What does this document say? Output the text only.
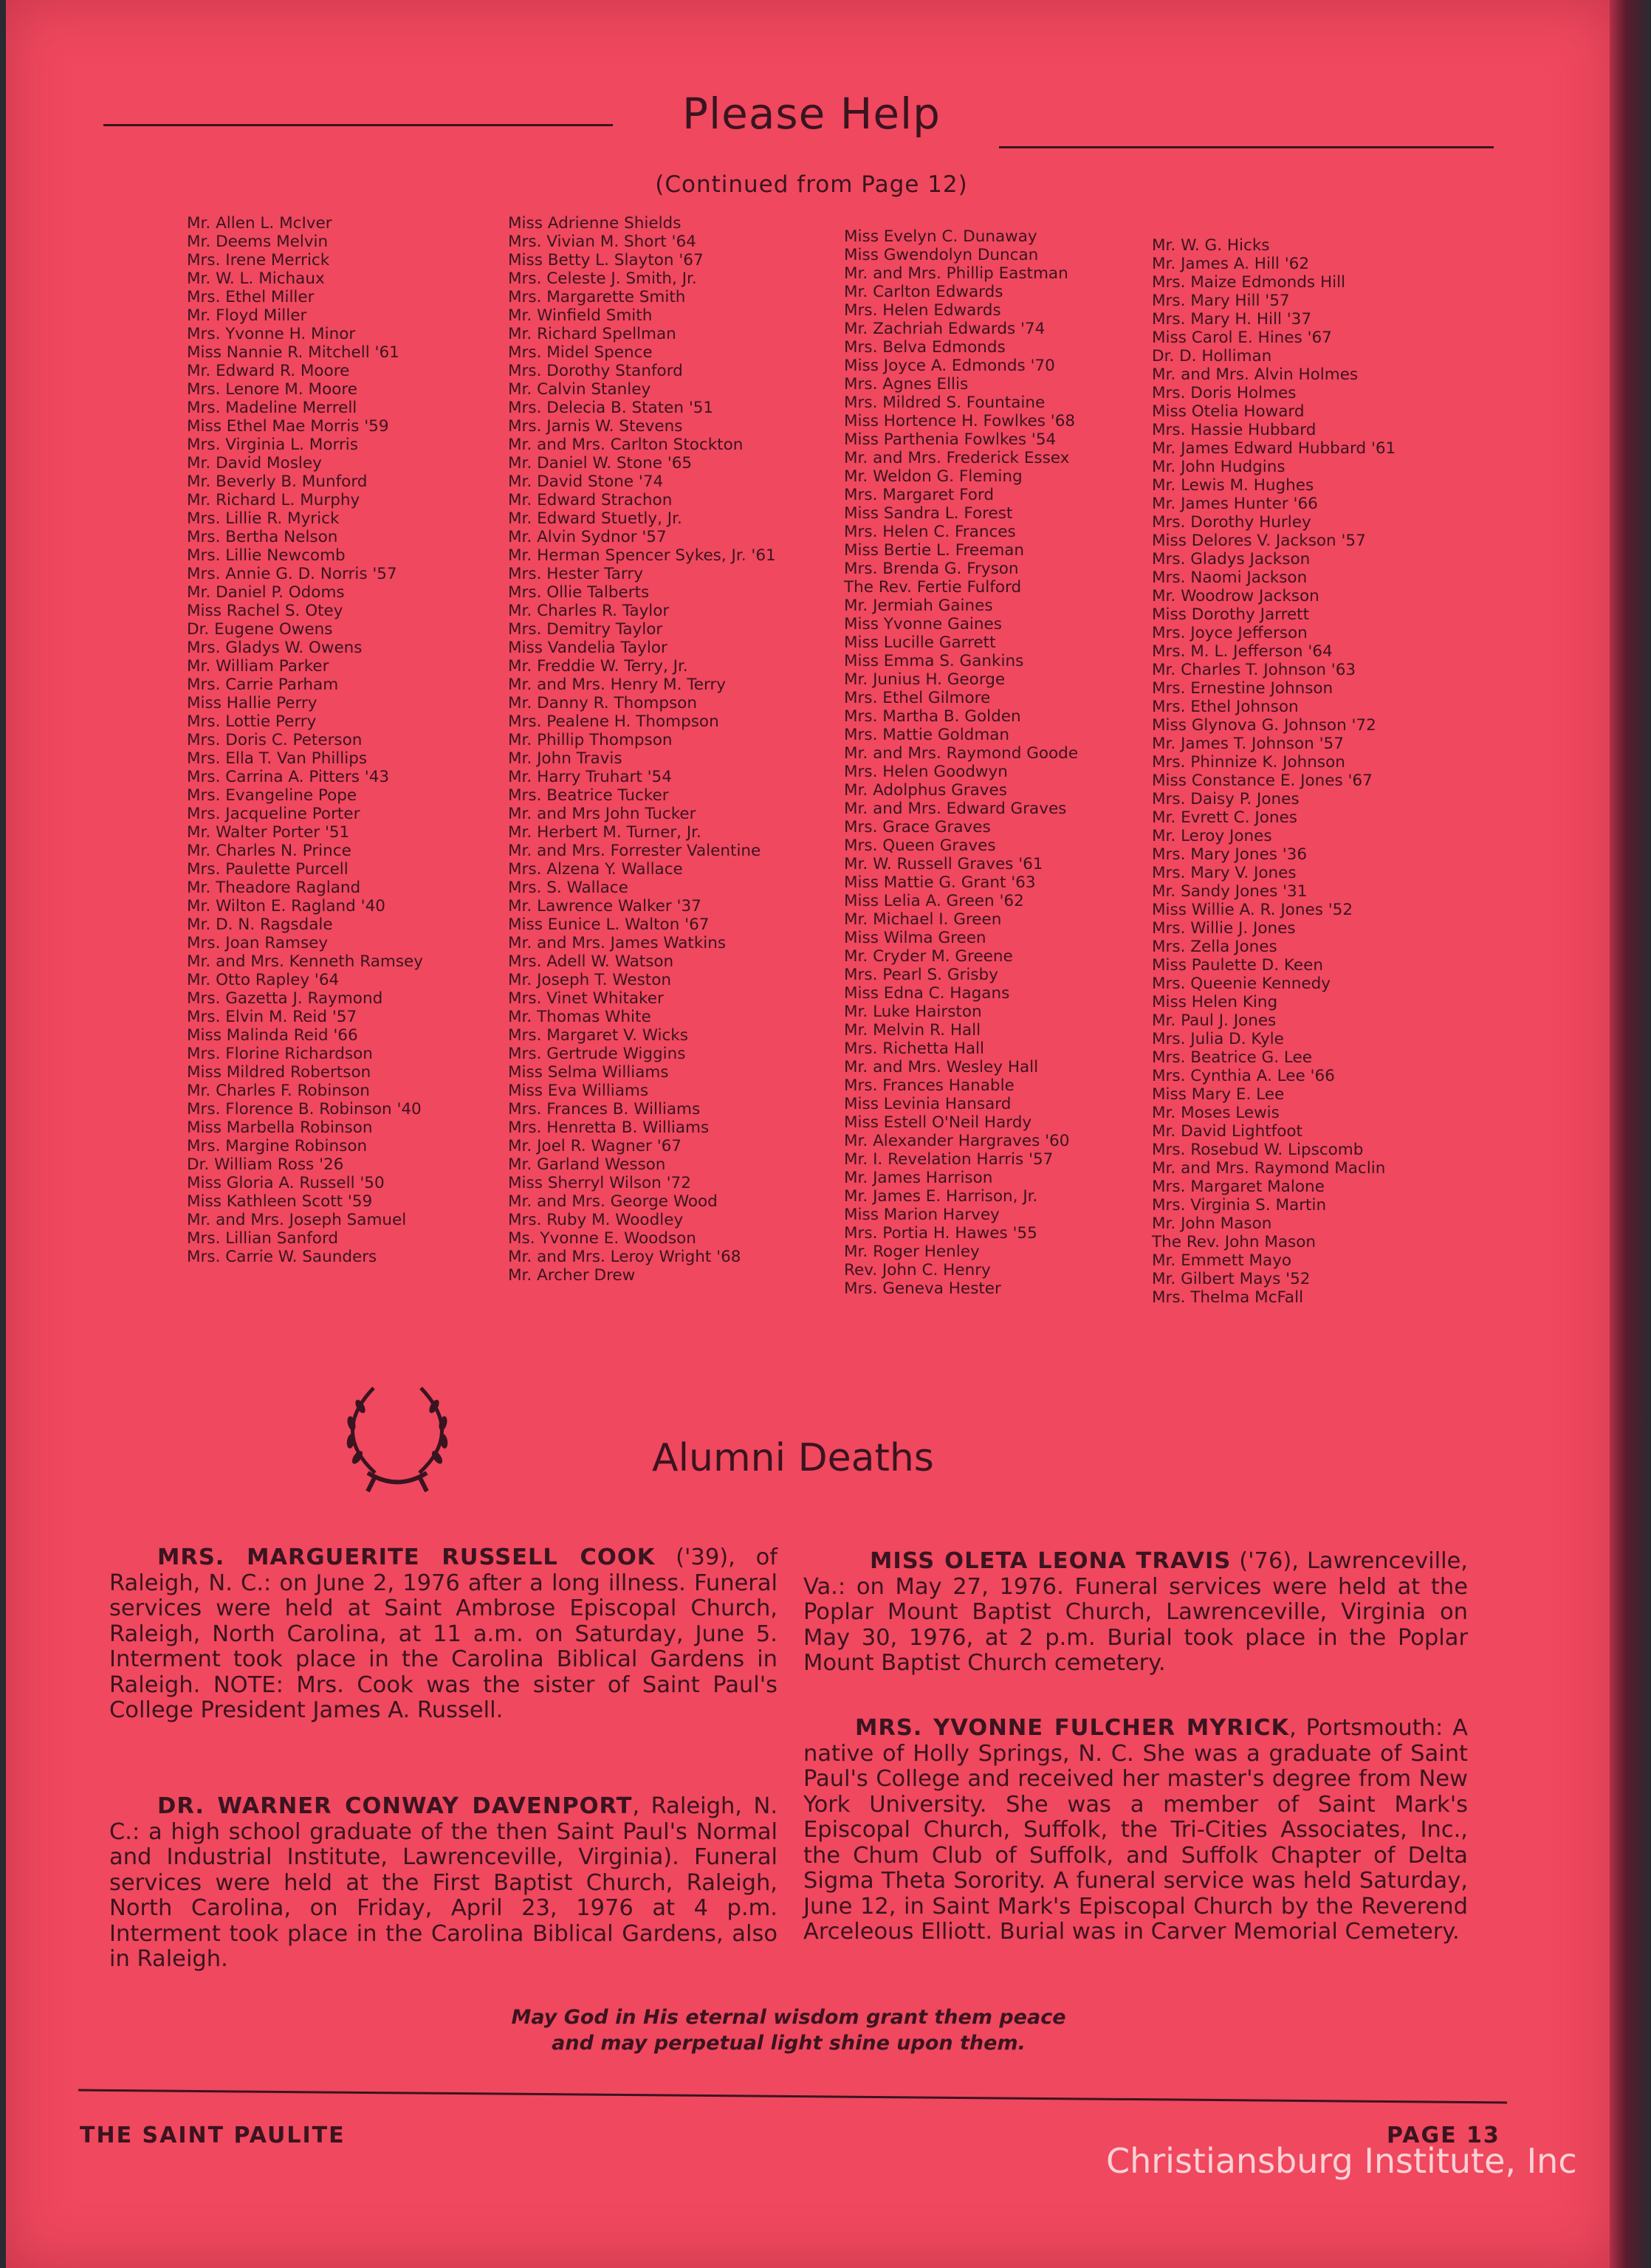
Please Help
(Continued from Page 12)
Mr. Allen L. McIver
Mr. Deems Melvin
Mrs. Irene Merrick
Mr. W. L. Michaux
Mrs. Ethel Miller
Mr. Floyd Miller
Mrs. Yvonne H. Minor
Miss Nannie R. Mitchell '61
Mr. Edward R. Moore
Mrs. Lenore M. Moore
Mrs. Madeline Merrell
Miss Ethel Mae Morris '59
Mrs. Virginia L. Morris
Mr. David Mosley
Mr. Beverly B. Munford
Mr. Richard L. Murphy
Mrs. Lillie R. Myrick
Mrs. Bertha Nelson
Mrs. Lillie Newcomb
Mrs. Annie G. D. Norris '57
Mr. Daniel P. Odoms
Miss Rachel S. Otey
Dr. Eugene Owens
Mrs. Gladys W. Owens
Mr. William Parker
Mrs. Carrie Parham
Miss Hallie Perry
Mrs. Lottie Perry
Mrs. Doris C. Peterson
Mrs. Ella T. Van Phillips
Mrs. Carrina A. Pitters '43
Mrs. Evangeline Pope
Mrs. Jacqueline Porter
Mr. Walter Porter '51
Mr. Charles N. Prince
Mrs. Paulette Purcell
Mr. Theadore Ragland
Mr. Wilton E. Ragland '40
Mr. D. N. Ragsdale
Mrs. Joan Ramsey
Mr. and Mrs. Kenneth Ramsey
Mr. Otto Rapley '64
Mrs. Gazetta J. Raymond
Mrs. Elvin M. Reid '57
Miss Malinda Reid '66
Mrs. Florine Richardson
Miss Mildred Robertson
Mr. Charles F. Robinson
Mrs. Florence B. Robinson '40
Miss Marbella Robinson
Mrs. Margine Robinson
Dr. William Ross '26
Miss Gloria A. Russell '50
Miss Kathleen Scott '59
Mr. and Mrs. Joseph Samuel
Mrs. Lillian Sanford
Mrs. Carrie W. Saunders
Miss Adrienne Shields
Mrs. Vivian M. Short '64
Miss Betty L. Slayton '67
Mrs. Celeste J. Smith, Jr.
Mrs. Margarette Smith
Mr. Winfield Smith
Mr. Richard Spellman
Mrs. Midel Spence
Mrs. Dorothy Stanford
Mr. Calvin Stanley
Mrs. Delecia B. Staten '51
Mrs. Jarnis W. Stevens
Mr. and Mrs. Carlton Stockton
Mr. Daniel W. Stone '65
Mr. David Stone '74
Mr. Edward Strachon
Mr. Edward Stuetly, Jr.
Mr. Alvin Sydnor '57
Mr. Herman Spencer Sykes, Jr. '61
Mrs. Hester Tarry
Mrs. Ollie Talberts
Mr. Charles R. Taylor
Mrs. Demitry Taylor
Miss Vandelia Taylor
Mr. Freddie W. Terry, Jr.
Mr. and Mrs. Henry M. Terry
Mr. Danny R. Thompson
Mrs. Pealene H. Thompson
Mr. Phillip Thompson
Mr. John Travis
Mr. Harry Truhart '54
Mrs. Beatrice Tucker
Mr. and Mrs John Tucker
Mr. Herbert M. Turner, Jr.
Mr. and Mrs. Forrester Valentine
Mrs. Alzena Y. Wallace
Mrs. S. Wallace
Mr. Lawrence Walker '37
Miss Eunice L. Walton '67
Mr. and Mrs. James Watkins
Mrs. Adell W. Watson
Mr. Joseph T. Weston
Mrs. Vinet Whitaker
Mr. Thomas White
Mrs. Margaret V. Wicks
Mrs. Gertrude Wiggins
Miss Selma Williams
Miss Eva Williams
Mrs. Frances B. Williams
Mrs. Henretta B. Williams
Mr. Joel R. Wagner '67
Mr. Garland Wesson
Miss Sherryl Wilson '72
Mr. and Mrs. George Wood
Mrs. Ruby M. Woodley
Ms. Yvonne E. Woodson
Mr. and Mrs. Leroy Wright '68
Mr. Archer Drew
Miss Evelyn C. Dunaway
Miss Gwendolyn Duncan
Mr. and Mrs. Phillip Eastman
Mr. Carlton Edwards
Mrs. Helen Edwards
Mr. Zachriah Edwards '74
Mrs. Belva Edmonds
Miss Joyce A. Edmonds '70
Mrs. Agnes Ellis
Mrs. Mildred S. Fountaine
Miss Hortence H. Fowlkes '68
Miss Parthenia Fowlkes '54
Mr. and Mrs. Frederick Essex
Mr. Weldon G. Fleming
Mrs. Margaret Ford
Miss Sandra L. Forest
Mrs. Helen C. Frances
Miss Bertie L. Freeman
Mrs. Brenda G. Fryson
The Rev. Fertie Fulford
Mr. Jermiah Gaines
Miss Yvonne Gaines
Miss Lucille Garrett
Miss Emma S. Gankins
Mr. Junius H. George
Mrs. Ethel Gilmore
Mrs. Martha B. Golden
Mrs. Mattie Goldman
Mr. and Mrs. Raymond Goode
Mrs. Helen Goodwyn
Mr. Adolphus Graves
Mr. and Mrs. Edward Graves
Mrs. Grace Graves
Mrs. Queen Graves
Mr. W. Russell Graves '61
Miss Mattie G. Grant '63
Miss Lelia A. Green '62
Mr. Michael I. Green
Miss Wilma Green
Mr. Cryder M. Greene
Mrs. Pearl S. Grisby
Miss Edna C. Hagans
Mr. Luke Hairston
Mr. Melvin R. Hall
Mrs. Richetta Hall
Mr. and Mrs. Wesley Hall
Mrs. Frances Hanable
Miss Levinia Hansard
Miss Estell O'Neil Hardy
Mr. Alexander Hargraves '60
Mr. I. Revelation Harris '57
Mr. James Harrison
Mr. James E. Harrison, Jr.
Miss Marion Harvey
Mrs. Portia H. Hawes '55
Mr. Roger Henley
Rev. John C. Henry
Mrs. Geneva Hester
Mr. W. G. Hicks
Mr. James A. Hill '62
Mrs. Maize Edmonds Hill
Mrs. Mary Hill '57
Mrs. Mary H. Hill '37
Miss Carol E. Hines '67
Dr. D. Holliman
Mr. and Mrs. Alvin Holmes
Mrs. Doris Holmes
Miss Otelia Howard
Mrs. Hassie Hubbard
Mr. James Edward Hubbard '61
Mr. John Hudgins
Mr. Lewis M. Hughes
Mr. James Hunter '66
Mrs. Dorothy Hurley
Miss Delores V. Jackson '57
Mrs. Gladys Jackson
Mrs. Naomi Jackson
Mr. Woodrow Jackson
Miss Dorothy Jarrett
Mrs. Joyce Jefferson
Mrs. M. L. Jefferson '64
Mr. Charles T. Johnson '63
Mrs. Ernestine Johnson
Mrs. Ethel Johnson
Miss Glynova G. Johnson '72
Mr. James T. Johnson '57
Mrs. Phinnize K. Johnson
Miss Constance E. Jones '67
Mrs. Daisy P. Jones
Mr. Evrett C. Jones
Mr. Leroy Jones
Mrs. Mary Jones '36
Mrs. Mary V. Jones
Mr. Sandy Jones '31
Miss Willie A. R. Jones '52
Mrs. Willie J. Jones
Mrs. Zella Jones
Miss Paulette D. Keen
Mrs. Queenie Kennedy
Miss Helen King
Mr. Paul J. Jones
Mrs. Julia D. Kyle
Mrs. Beatrice G. Lee
Mrs. Cynthia A. Lee '66
Miss Mary E. Lee
Mr. Moses Lewis
Mr. David Lightfoot
Mrs. Rosebud W. Lipscomb
Mr. and Mrs. Raymond Maclin
Mrs. Margaret Malone
Mrs. Virginia S. Martin
Mr. John Mason
The Rev. John Mason
Mr. Emmett Mayo
Mr. Gilbert Mays '52
Mrs. Thelma McFall
Alumni Deaths
MRS. MARGUERITE RUSSELL COOK ('39), of Raleigh, N. C.: on June 2, 1976 after a long illness. Funeral services were held at Saint Ambrose Episcopal Church, Raleigh, North Carolina, at 11 a.m. on Saturday, June 5. Interment took place in the Carolina Biblical Gardens in Raleigh. NOTE: Mrs. Cook was the sister of Saint Paul's College President James A. Russell.
DR. WARNER CONWAY DAVENPORT, Raleigh, N. C.: a high school graduate of the then Saint Paul's Normal and Industrial Institute, Lawrenceville, Virginia). Funeral services were held at the First Baptist Church, Raleigh, North Carolina, on Friday, April 23, 1976 at 4 p.m. Interment took place in the Carolina Biblical Gardens, also in Raleigh.
MISS OLETA LEONA TRAVIS ('76), Lawrenceville, Va.: on May 27, 1976. Funeral services were held at the Poplar Mount Baptist Church, Lawrenceville, Virginia on May 30, 1976, at 2 p.m. Burial took place in the Poplar Mount Baptist Church cemetery.
MRS. YVONNE FULCHER MYRICK, Portsmouth: A native of Holly Springs, N. C. She was a graduate of Saint Paul's College and received her master's degree from New York University. She was a member of Saint Mark's Episcopal Church, Suffolk, the Tri-Cities Associates, Inc., the Chum Club of Suffolk, and Suffolk Chapter of Delta Sigma Theta Sorority. A funeral service was held Saturday, June 12, in Saint Mark's Episcopal Church by the Reverend Arceleous Elliott. Burial was in Carver Memorial Cemetery.
May God in His eternal wisdom grant them peace
and may perpetual light shine upon them.
THE SAINT PAULITE	PAGE 13
Christiansburg Institute, Inc
